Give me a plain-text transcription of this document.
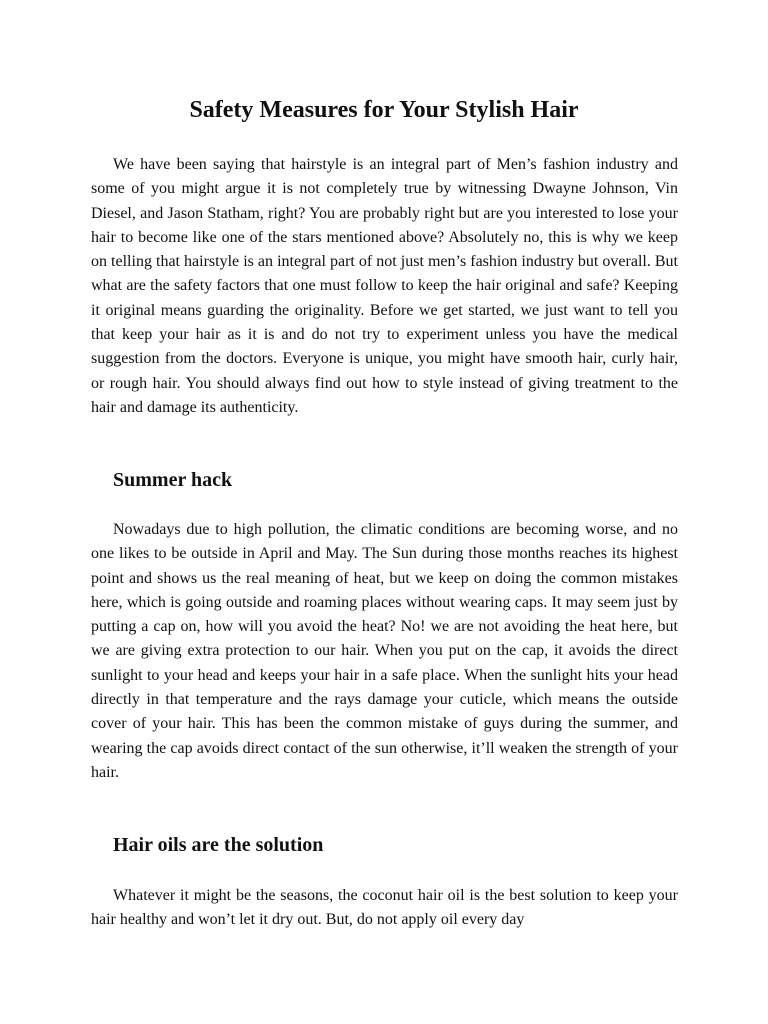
Safety Measures for Your Stylish Hair

We have been saying that hairstyle is an integral part of Men’s fashion industry and some of you might argue it is not completely true by witnessing Dwayne Johnson, Vin Diesel, and Jason Statham, right? You are probably right but are you interested to lose your hair to become like one of the stars mentioned above? Absolutely no, this is why we keep on telling that hairstyle is an integral part of not just men’s fashion industry but overall. But what are the safety factors that one must follow to keep the hair original and safe? Keeping it original means guarding the originality. Before we get started, we just want to tell you that keep your hair as it is and do not try to experiment unless you have the medical suggestion from the doctors. Everyone is unique, you might have smooth hair, curly hair, or rough hair. You should always find out how to style instead of giving treatment to the hair and damage its authenticity.

Summer hack

Nowadays due to high pollution, the climatic conditions are becoming worse, and no one likes to be outside in April and May. The Sun during those months reaches its highest point and shows us the real meaning of heat, but we keep on doing the common mistakes here, which is going outside and roaming places without wearing caps. It may seem just by putting a cap on, how will you avoid the heat? No! we are not avoiding the heat here, but we are giving extra protection to our hair. When you put on the cap, it avoids the direct sunlight to your head and keeps your hair in a safe place. When the sunlight hits your head directly in that temperature and the rays damage your cuticle, which means the outside cover of your hair. This has been the common mistake of guys during the summer, and wearing the cap avoids direct contact of the sun otherwise, it’ll weaken the strength of your hair.

Hair oils are the solution

Whatever it might be the seasons, the coconut hair oil is the best solution to keep your hair healthy and won’t let it dry out. But, do not apply oil every day
